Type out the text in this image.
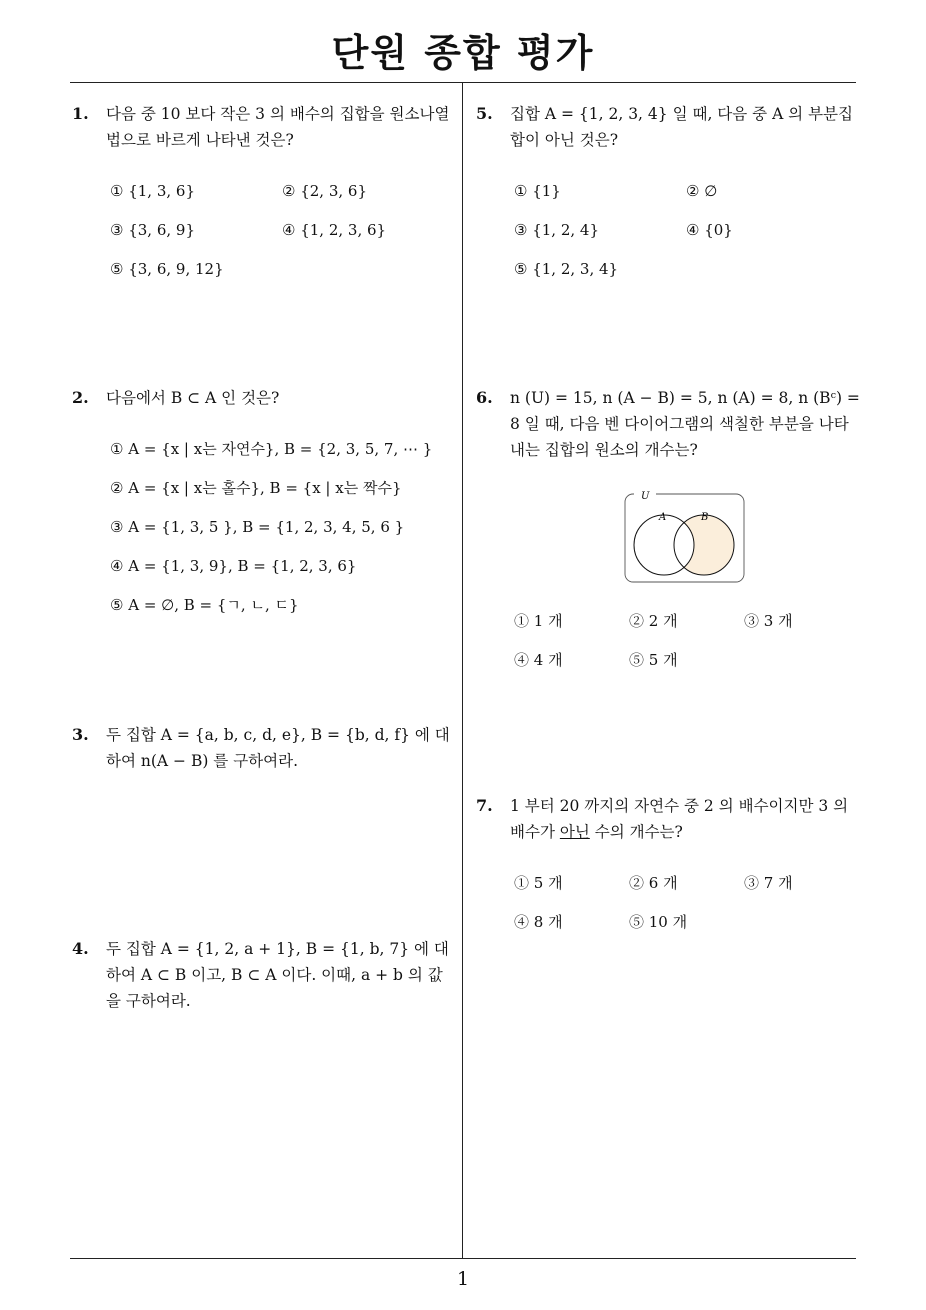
단원 종합 평가
1
1. 다음 중 10 보다 작은 3 의 배수의 집합을 원소나열법으로 바르게 나타낸 것은?
① {1, 3, 6}	② {2, 3, 6}③ {3, 6, 9}	④ {1, 2, 3, 6}⑤ {3, 6, 9, 12}
2. 다음에서 B ⊂ A 인 것은?
① A = {x | x는 자연수}, B = {2, 3, 5, 7, ⋯ }
② A = {x | x는 홀수}, B = {x | x는 짝수}
③ A = {1, 3, 5 }, B = {1, 2, 3, 4, 5, 6 }
④ A = {1, 3, 9}, B = {1, 2, 3, 6}
⑤ A = ∅, B = {ㄱ, ㄴ, ㄷ}
3. 두 집합 A = {a, b, c, d, e}, B = {b, d, f} 에 대하여 n(A − B) 를 구하여라.
4. 두 집합 A = {1, 2, a + 1}, B = {1, b, 7} 에 대하여 A ⊂ B 이고, B ⊂ A 이다. 이때, a + b 의 값을 구하여라.
5. 집합 A = {1, 2, 3, 4} 일 때, 다음 중 A 의 부분집합이 아닌 것은?
① {1}	② ∅③ {1, 2, 4}	④ {0}⑤ {1, 2, 3, 4}
6. n (U) = 15, n (A − B) = 5, n (A) = 8, n (Bᶜ) = 8 일 때, 다음 벤 다이어그램의 색칠한 부분을 나타내는 집합의 원소의 개수는?
U
A	B
① 1 개	② 2 개	③ 3 개④ 4 개	⑤ 5 개
7. 1 부터 20 까지의 자연수 중 2 의 배수이지만 3 의 배수가 아닌 수의 개수는?
① 5 개	② 6 개	③ 7 개④ 8 개	⑤ 10 개
